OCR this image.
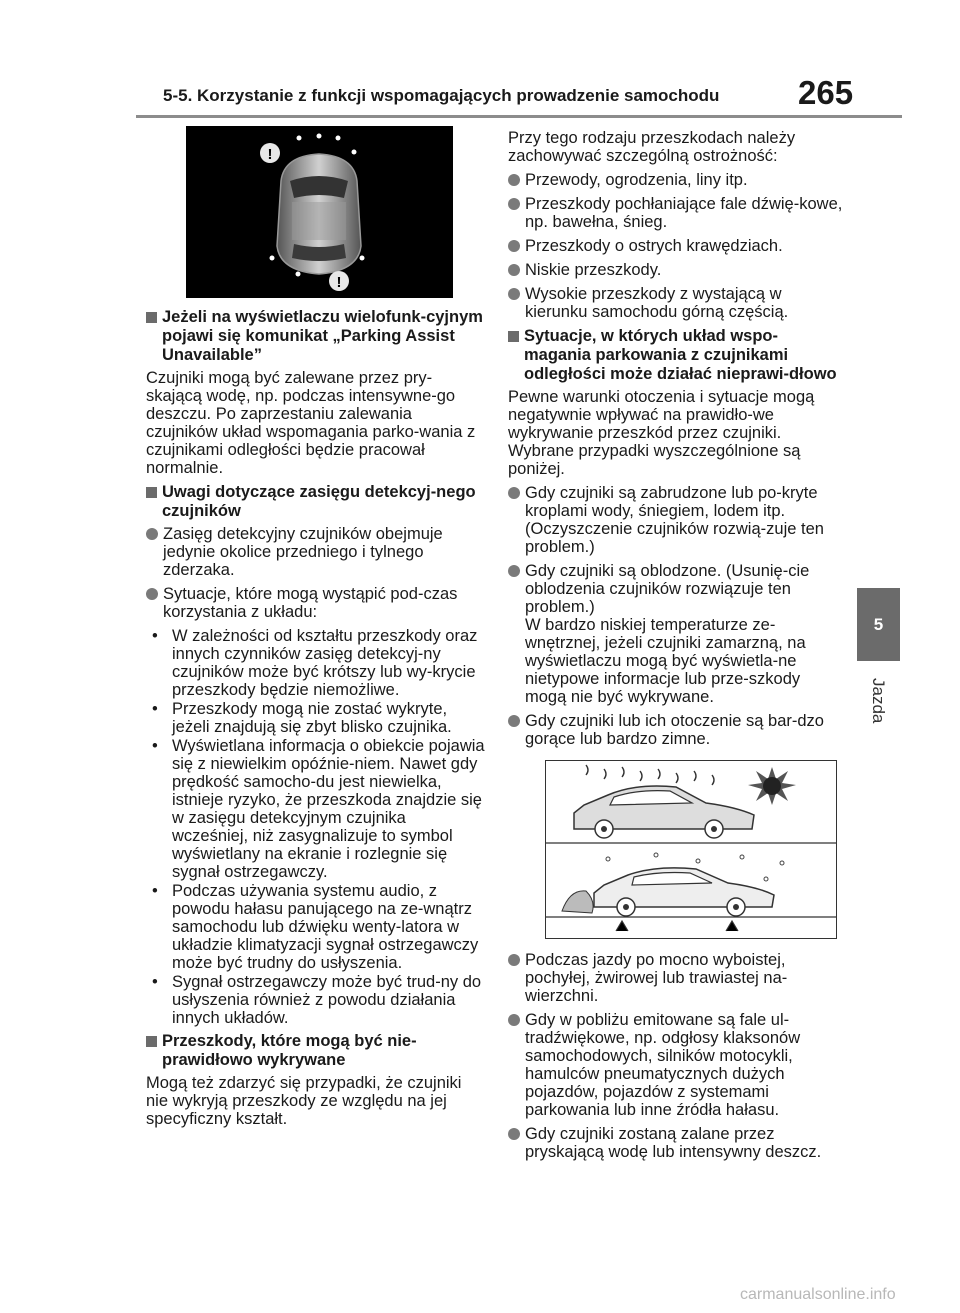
5-5. Korzystanie z funkcji wspomagających prowadzenie samochodu 265
5
Jazda
!
!
Jeżeli na wyświetlaczu wielofunk-cyjnym pojawi się komunikat „Parking Assist Unavailable”
Czujniki mogą być zalewane przez pry-skającą wodę, np. podczas intensywne-go deszczu. Po zaprzestaniu zalewania czujników układ wspomagania parko-wania z czujnikami odległości będzie pracował normalnie.
Uwagi dotyczące zasięgu detekcyj-nego czujników
Zasięg detekcyjny czujników obejmuje jedynie okolice przedniego i tylnego zderzaka.
Sytuacje, które mogą wystąpić pod-czas korzystania z układu:
• W zależności od kształtu przeszkody oraz innych czynników zasięg detekcyj-ny czujników może być krótszy lub wy-krycie przeszkody będzie niemożliwe.
• Przeszkody mogą nie zostać wykryte, jeżeli znajdują się zbyt blisko czujnika.
• Wyświetlana informacja o obiekcie pojawia się z niewielkim opóźnie-niem. Nawet gdy prędkość samocho-du jest niewielka, istnieje ryzyko, że przeszkoda znajdzie się w zasięgu detekcyjnym czujnika wcześniej, niż zasygnalizuje to symbol wyświetlany na ekranie i rozlegnie się sygnał ostrzegawczy.
• Podczas używania systemu audio, z powodu hałasu panującego na ze-wnątrz samochodu lub dźwięku wenty-latora w układzie klimatyzacji sygnał ostrzegawczy może być trudny do usłyszenia.
• Sygnał ostrzegawczy może być trud-ny do usłyszenia również z powodu działania innych układów.
Przeszkody, które mogą być nie-prawidłowo wykrywane
Mogą też zdarzyć się przypadki, że czujniki nie wykryją przeszkody ze względu na jej specyficzny kształt.
Przy tego rodzaju przeszkodach należy zachowywać szczególną ostrożność:
Przewody, ogrodzenia, liny itp.
Przeszkody pochłaniające fale dźwię-kowe, np. bawełna, śnieg.
Przeszkody o ostrych krawędziach.
Niskie przeszkody.
Wysokie przeszkody z wystającą w kierunku samochodu górną częścią.
Sytuacje, w których układ wspo-magania parkowania z czujnikami odległości może działać nieprawi-dłowo
Pewne warunki otoczenia i sytuacje mogą negatywnie wpływać na prawidło-we wykrywanie przeszkód przez czujniki. Wybrane przypadki wyszczególnione są poniżej.
Gdy czujniki są zabrudzone lub po-kryte kroplami wody, śniegiem, lodem itp. (Oczyszczenie czujników rozwią-zuje ten problem.)
Gdy czujniki są oblodzone. (Usunię-cie oblodzenia czujników rozwiązuje ten problem.)
W bardzo niskiej temperaturze ze-wnętrznej, jeżeli czujniki zamarzną, na wyświetlaczu mogą być wyświetla-ne nietypowe informacje lub prze-szkody mogą nie być wykrywane.
Gdy czujniki lub ich otoczenie są bar-dzo gorące lub bardzo zimne.
Podczas jazdy po mocno wyboistej, pochyłej, żwirowej lub trawiastej na-wierzchni.
Gdy w pobliżu emitowane są fale ul-tradźwiękowe, np. odgłosy klaksonów samochodowych, silników motocykli, hamulców pneumatycznych dużych pojazdów, pojazdów z systemami parkowania lub inne źródła hałasu.
Gdy czujniki zostaną zalane przez pryskającą wodę lub intensywny deszcz.
carmanualsonline.info
